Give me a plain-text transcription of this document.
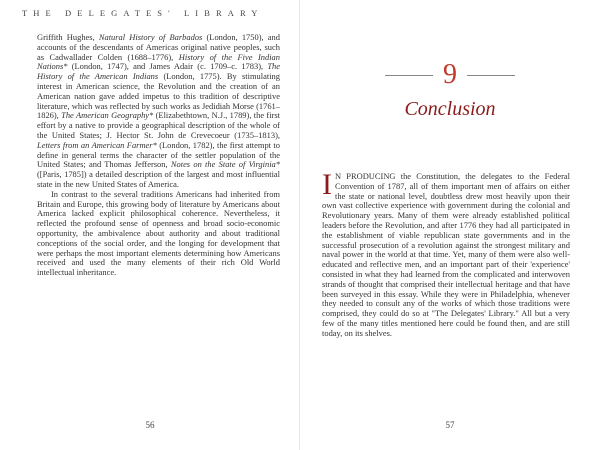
THE DELEGATES' LIBRARY

Griffith Hughes, Natural History of Barbados (London, 1750), and accounts of the descendants of Americas original native peoples, such as Cadwallader Colden (1688–1776), History of the Five Indian Nations* (London, 1747), and James Adair (c. 1709–c. 1783), The History of the American Indians (London, 1775). By stimulating interest in American science, the Revolution and the creation of an American nation gave added impetus to this tradition of descriptive literature, which was reflected by such works as Jedidiah Morse (1761–1826), The American Geography* (Elizabethtown, N.J., 1789), the first effort by a native to provide a geographical description of the whole of the United States; J. Hector St. John de Crevecoeur (1735–1813), Letters from an American Farmer* (London, 1782), the first attempt to define in general terms the character of the settler population of the United States; and Thomas Jefferson, Notes on the State of Virginia* ([Paris, 1785]) a detailed description of the largest and most influential state in the new United States of America.

In contrast to the several traditions Americans had inherited from Britain and Europe, this growing body of literature by Americans about America lacked explicit philosophical coherence. Nevertheless, it reflected the profound sense of openness and broad socio-economic opportunity, the ambivalence about authority and about traditional conceptions of the social order, and the longing for development that were perhaps the most important elements determining how Americans received and used the many elements of their rich Old World intellectual inheritance.

56
9
Conclusion

I N PRODUCING the Constitution, the delegates to the Federal Convention of 1787, all of them important men of affairs on either the state or national level, doubtless drew most heavily upon their own vast collective experience with government during the colonial and Revolutionary years. Many of them were already established political leaders before the Revolution, and after 1776 they had all participated in the establishment of viable republican state governments and in the successful prosecution of a revolution against the strongest military and naval power in the world at that time. Yet, many of them were also well-educated and reflective men, and an important part of their 'experience' consisted in what they had learned from the complicated and interwoven strands of thought that comprised their intellectual heritage and that have been surveyed in this essay. While they were in Philadelphia, whenever they needed to consult any of the works of which those traditions were comprised, they could do so at "The Delegates' Library." All but a very few of the many titles mentioned here could be found then, and are still today, on its shelves.

57
